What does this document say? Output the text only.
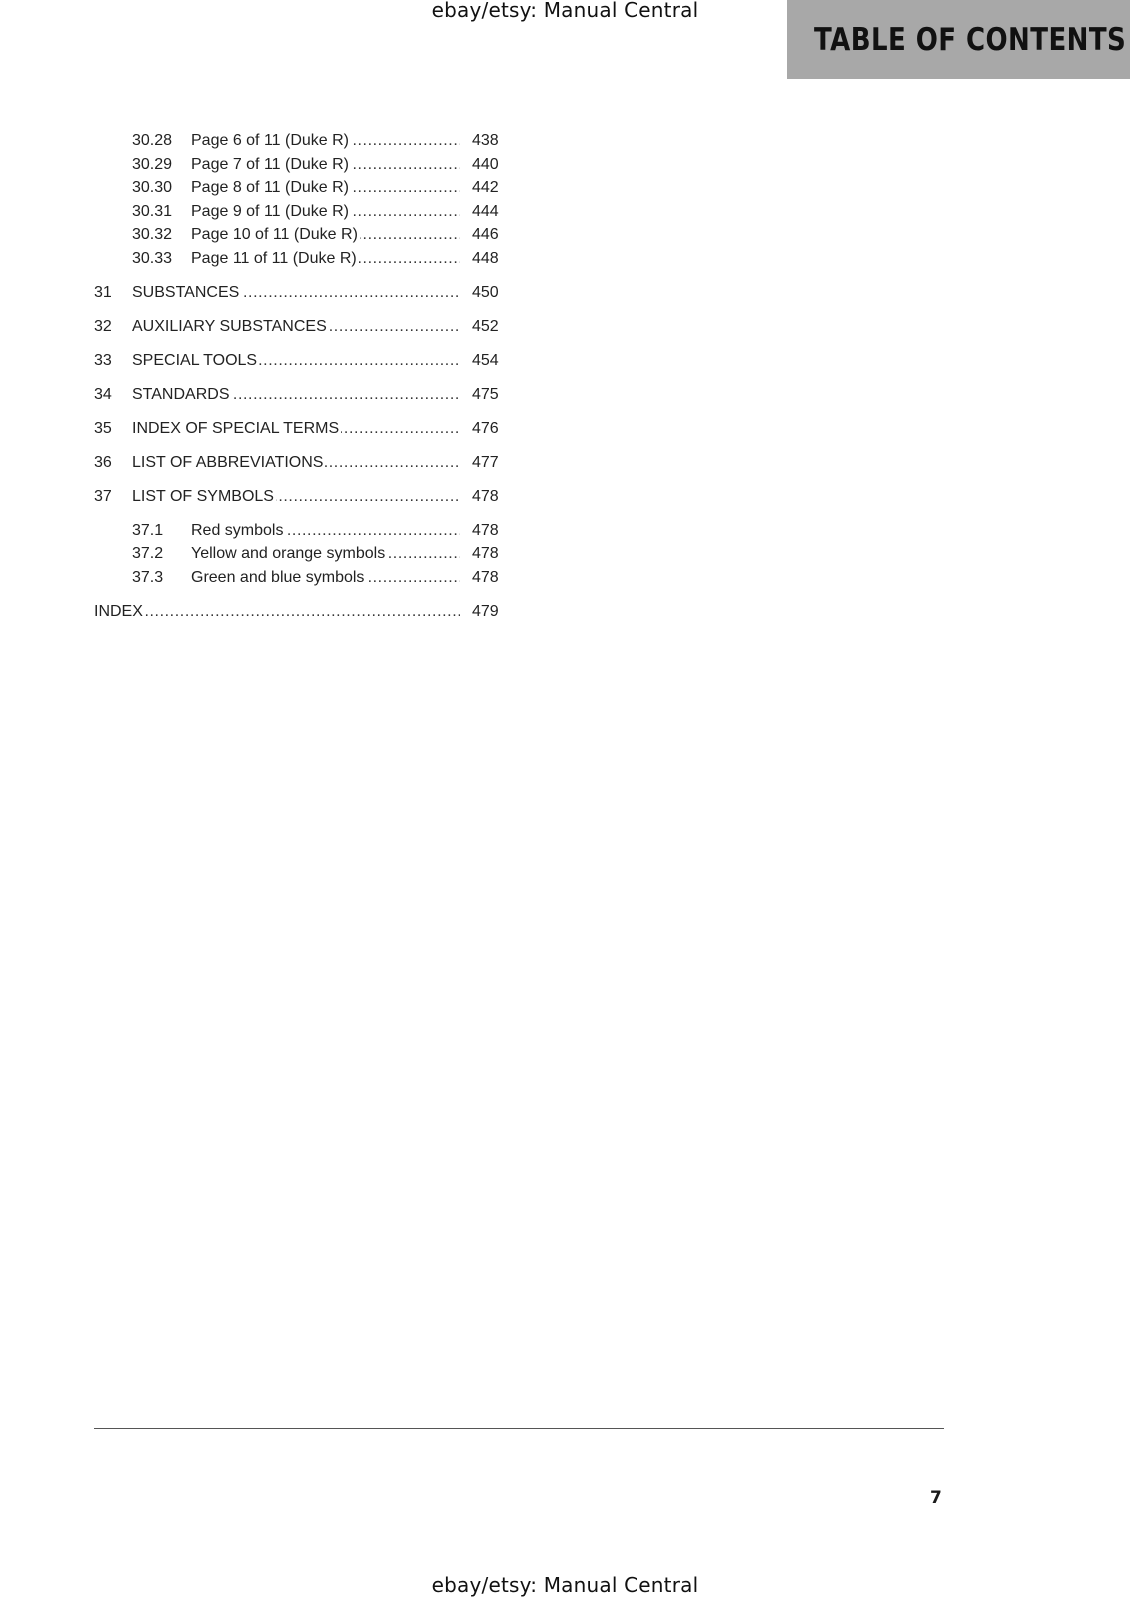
ebay/etsy: Manual Central
TABLE OF CONTENTS
30.28 Page 6 of 11 (Duke R) .....	438
30.29 Page 7 of 11 (Duke R) .....	440
30.30 Page 8 of 11 (Duke R) .....	442
30.31 Page 9 of 11 (Duke R) .....	444
30.32 Page 10 of 11 (Duke R) .....	446
30.33 Page 11 of 11 (Duke R) .....	448
31 SUBSTANCES .....	450
32 AUXILIARY SUBSTANCES .....	452
33 SPECIAL TOOLS .....	454
34 STANDARDS .....	475
35 INDEX OF SPECIAL TERMS .....	476
36 LIST OF ABBREVIATIONS .....	477
37 LIST OF SYMBOLS .....	478
37.1 Red symbols .....	478
37.2 Yellow and orange symbols .....	478
37.3 Green and blue symbols .....	478
INDEX .....	479
7
ebay/etsy: Manual Central
